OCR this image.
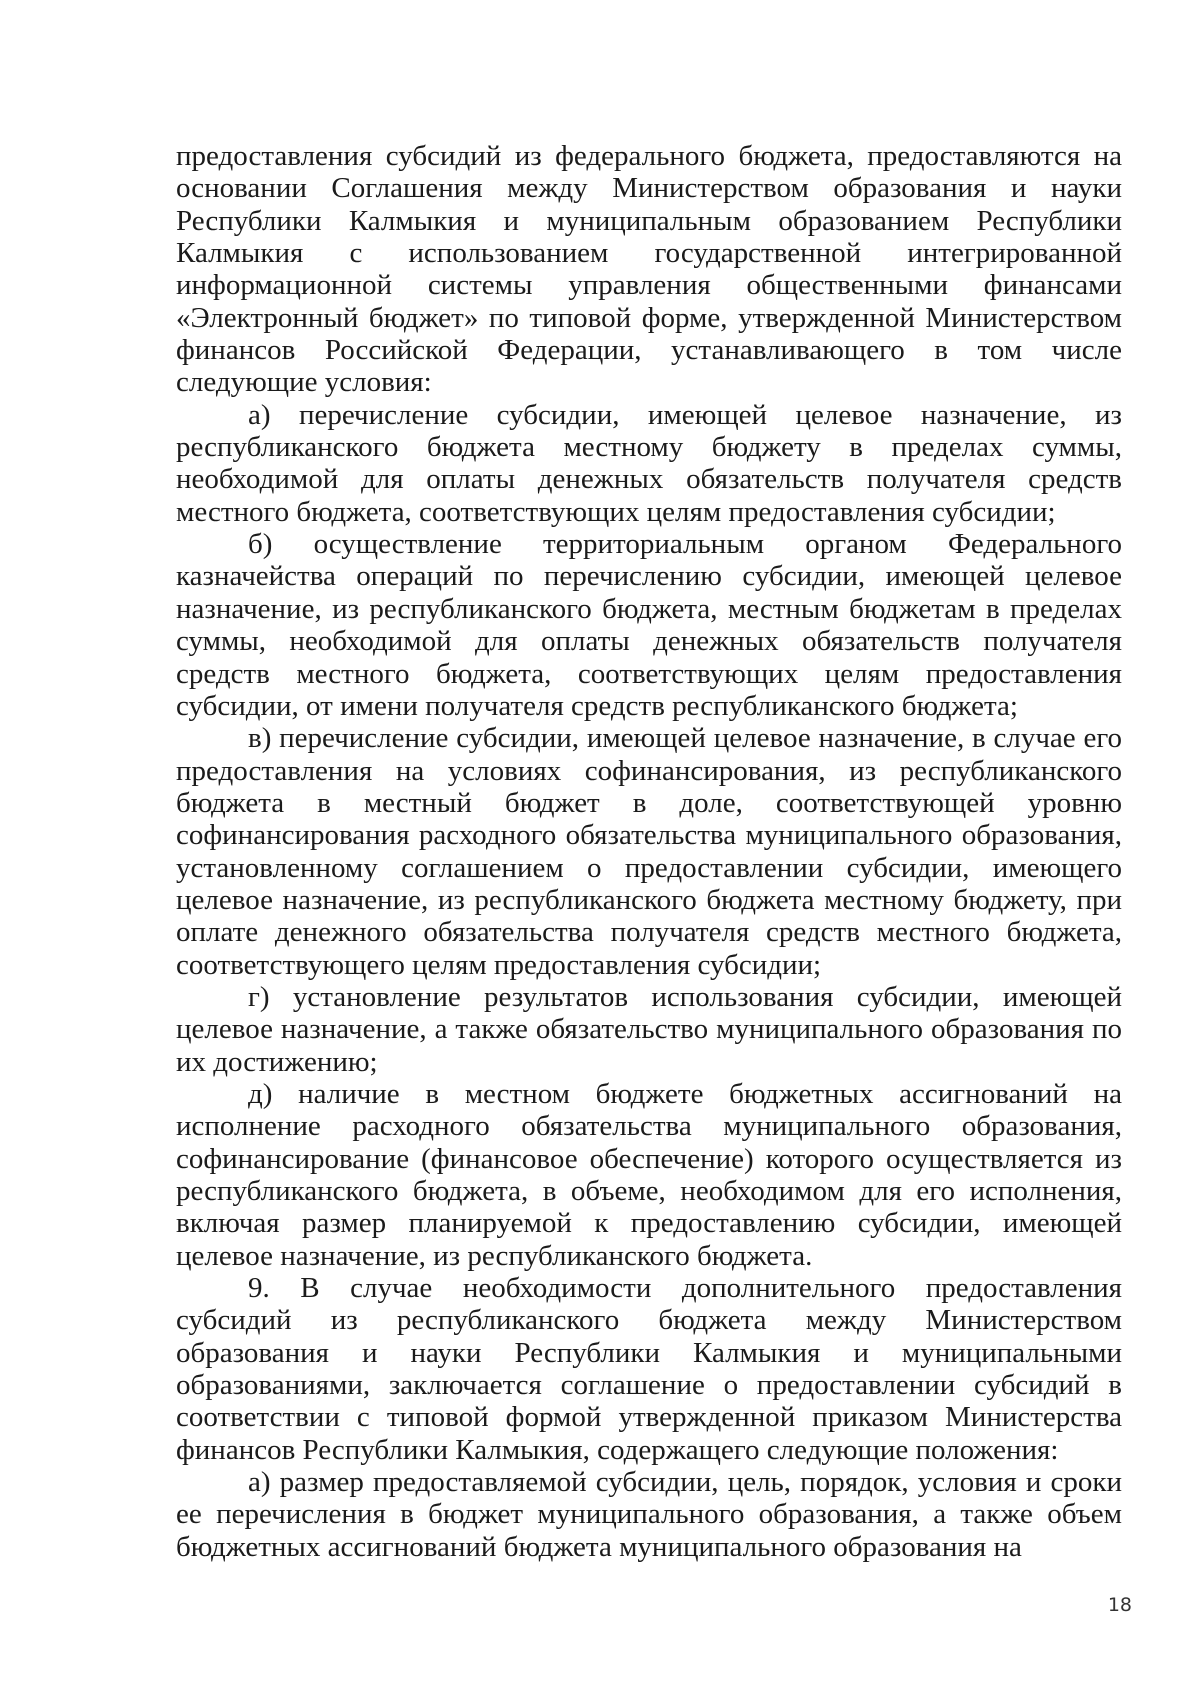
предоставления субсидий из федерального бюджета, предоставляются на основании Соглашения между Министерством образования и науки Республики Калмыкия и муниципальным образованием Республики Калмыкия с использованием государственной интегрированной информационной системы управления общественными финансами «Электронный бюджет» по типовой форме, утвержденной Министерством финансов Российской Федерации, устанавливающего в том числе следующие условия:

а) перечисление субсидии, имеющей целевое назначение, из республиканского бюджета местному бюджету в пределах суммы, необходимой для оплаты денежных обязательств получателя средств местного бюджета, соответствующих целям предоставления субсидии;

б) осуществление территориальным органом Федерального казначейства операций по перечислению субсидии, имеющей целевое назначение, из республиканского бюджета, местным бюджетам в пределах суммы, необходимой для оплаты денежных обязательств получателя средств местного бюджета, соответствующих целям предоставления субсидии, от имени получателя средств республиканского бюджета;

в) перечисление субсидии, имеющей целевое назначение, в случае его предоставления на условиях софинансирования, из республиканского бюджета в местный бюджет в доле, соответствующей уровню софинансирования расходного обязательства муниципального образования, установленному соглашением о предоставлении субсидии, имеющего целевое назначение, из республиканского бюджета местному бюджету, при оплате денежного обязательства получателя средств местного бюджета, соответствующего целям предоставления субсидии;

г) установление результатов использования субсидии, имеющей целевое назначение, а также обязательство муниципального образования по их достижению;

д) наличие в местном бюджете бюджетных ассигнований на исполнение расходного обязательства муниципального образования, софинансирование (финансовое обеспечение) которого осуществляется из республиканского бюджета, в объеме, необходимом для его исполнения, включая размер планируемой к предоставлению субсидии, имеющей целевое назначение, из республиканского бюджета.

9. В случае необходимости дополнительного предоставления субсидий из республиканского бюджета между Министерством образования и науки Республики Калмыкия и муниципальными образованиями, заключается соглашение о предоставлении субсидий в соответствии с типовой формой утвержденной приказом Министерства финансов Республики Калмыкия, содержащего следующие положения:

а) размер предоставляемой субсидии, цель, порядок, условия и сроки ее перечисления в бюджет муниципального образования, а также объем бюджетных ассигнований бюджета муниципального образования на

18
